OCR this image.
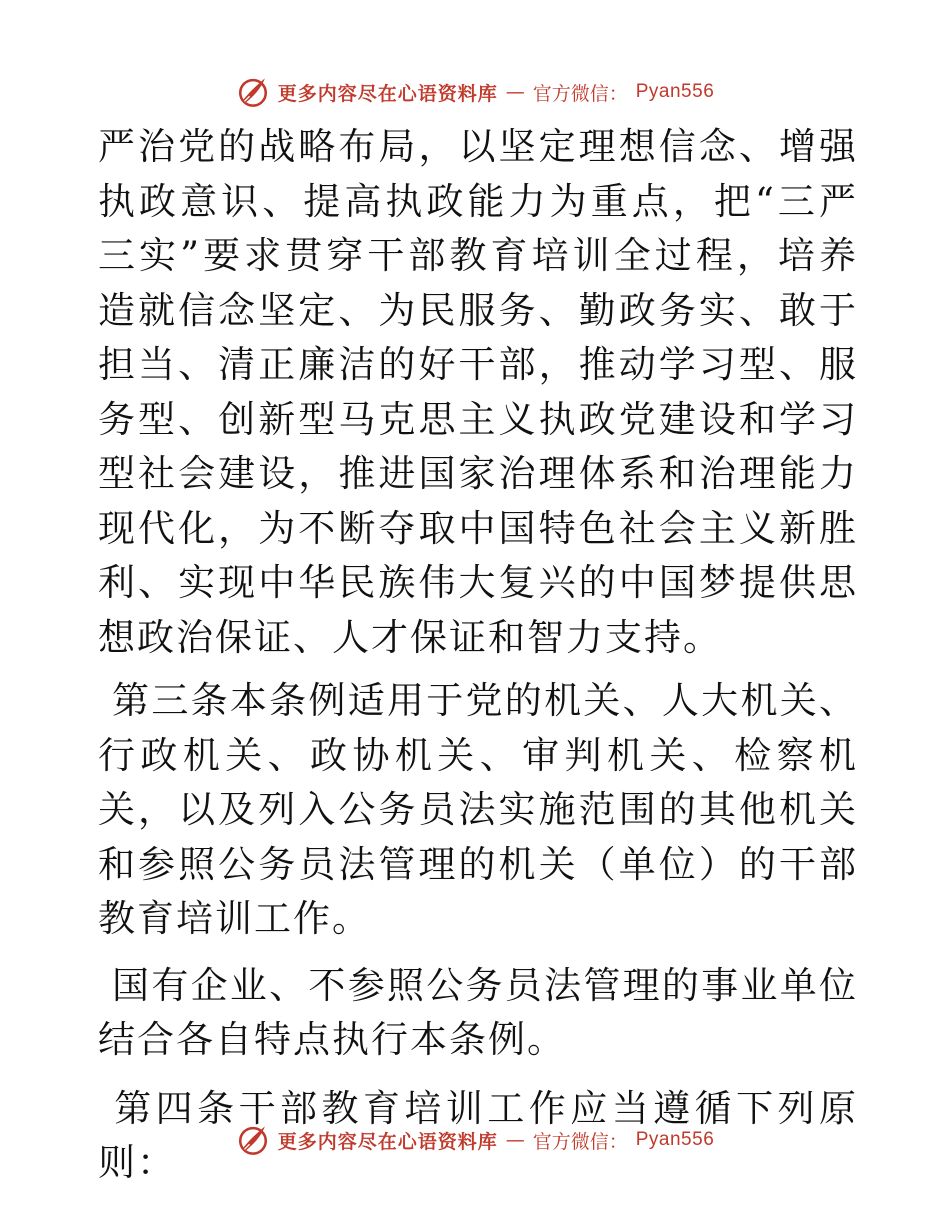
更多内容尽在心语资料库 — 官方微信： Pyan556

严治党的战略布局，以坚定理想信念、增强执政意识、提高执政能力为重点，把“三严三实”要求贯穿干部教育培训全过程，培养造就信念坚定、为民服务、勤政务实、敢于担当、清正廉洁的好干部，推动学习型、服务型、创新型马克思主义执政党建设和学习型社会建设，推进国家治理体系和治理能力现代化，为不断夺取中国特色社会主义新胜利、实现中华民族伟大复兴的中国梦提供思想政治保证、人才保证和智力支持。

第三条本条例适用于党的机关、人大机关、行政机关、政协机关、审判机关、检察机关，以及列入公务员法实施范围的其他机关和参照公务员法管理的机关（单位）的干部教育培训工作。

国有企业、不参照公务员法管理的事业单位结合各自特点执行本条例。

第四条干部教育培训工作应当遵循下列原则：	更多内容尽在心语资料库 — 官方微信： Pyan556
